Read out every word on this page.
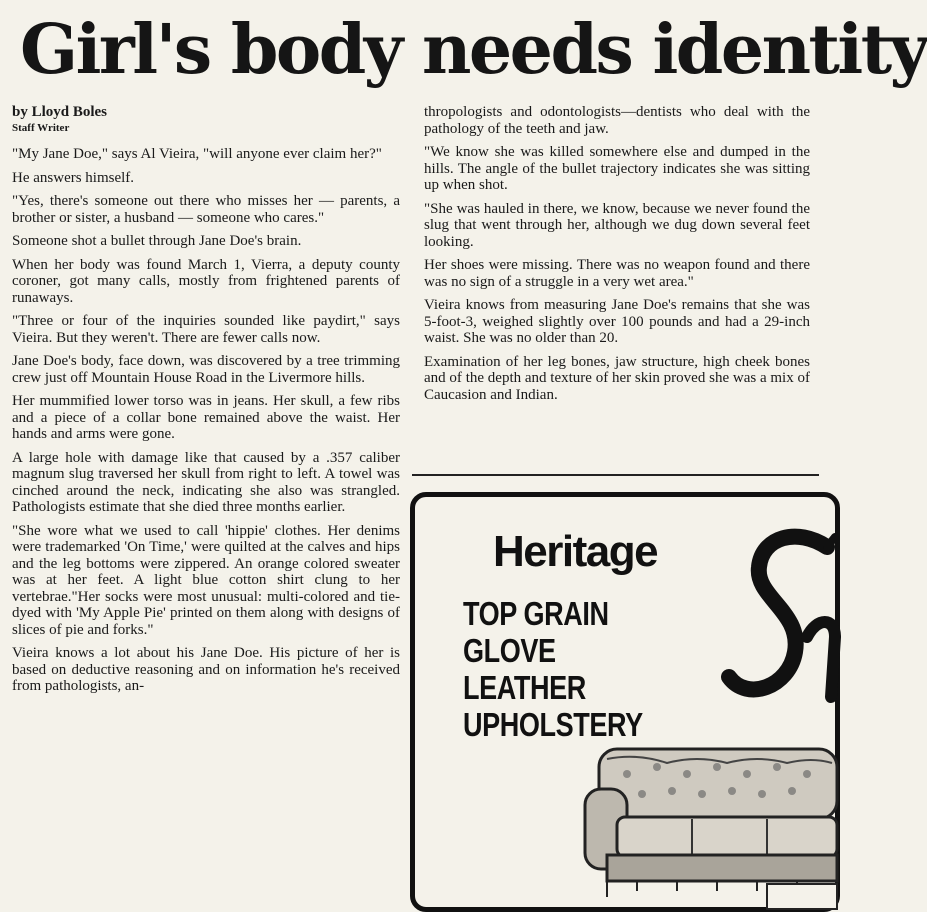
Girl's body needs identity
by Lloyd Boles
Staff Writer

"My Jane Doe," says Al Vieira, "will anyone ever claim her?"

He answers himself.

"Yes, there's someone out there who misses her — parents, a brother or sister, a husband — someone who cares."

Someone shot a bullet through Jane Doe's brain.

When her body was found March 1, Vierra, a deputy county coroner, got many calls, mostly from frightened parents of runaways.

"Three or four of the inquiries sounded like paydirt," says Vieira. But they weren't. There are fewer calls now.

Jane Doe's body, face down, was discovered by a tree trimming crew just off Mountain House Road in the Livermore hills.

Her mummified lower torso was in jeans. Her skull, a few ribs and a piece of a collar bone remained above the waist. Her hands and arms were gone.

A large hole with damage like that caused by a .357 caliber magnum slug traversed her skull from right to left. A towel was cinched around the neck, indicating she also was strangled. Pathologists estimate that she died three months earlier.

"She wore what we used to call 'hippie' clothes. Her denims were trademarked 'On Time,' were quilted at the calves and hips and the leg bottoms were zippered. An orange colored sweater was at her feet. A light blue cotton shirt clung to her vertebrae."Her socks were most unusual: multi-colored and tie-dyed with 'My Apple Pie' printed on them along with designs of slices of pie and forks."

Vieira knows a lot about his Jane Doe. His picture of her is based on deductive reasoning and on information he's received from pathologists, an-

thropologists and odontologists—dentists who deal with the pathology of the teeth and jaw.

"We know she was killed somewhere else and dumped in the hills. The angle of the bullet trajectory indicates she was sitting up when shot.

"She was hauled in there, we know, because we never found the slug that went through her, although we dug down several feet looking.

Her shoes were missing. There was no weapon found and there was no sign of a struggle in a very wet area."

Vieira knows from measuring Jane Doe's remains that she was 5-foot-3, weighed slightly over 100 pounds and had a 29-inch waist. She was no older than 20.

Examination of her leg bones, jaw structure, high cheek bones and of the depth and texture of her skin proved she was a mix of Caucasion and Indian.

Heritage
TOP GRAIN
GLOVE
LEATHER
UPHOLSTERY
